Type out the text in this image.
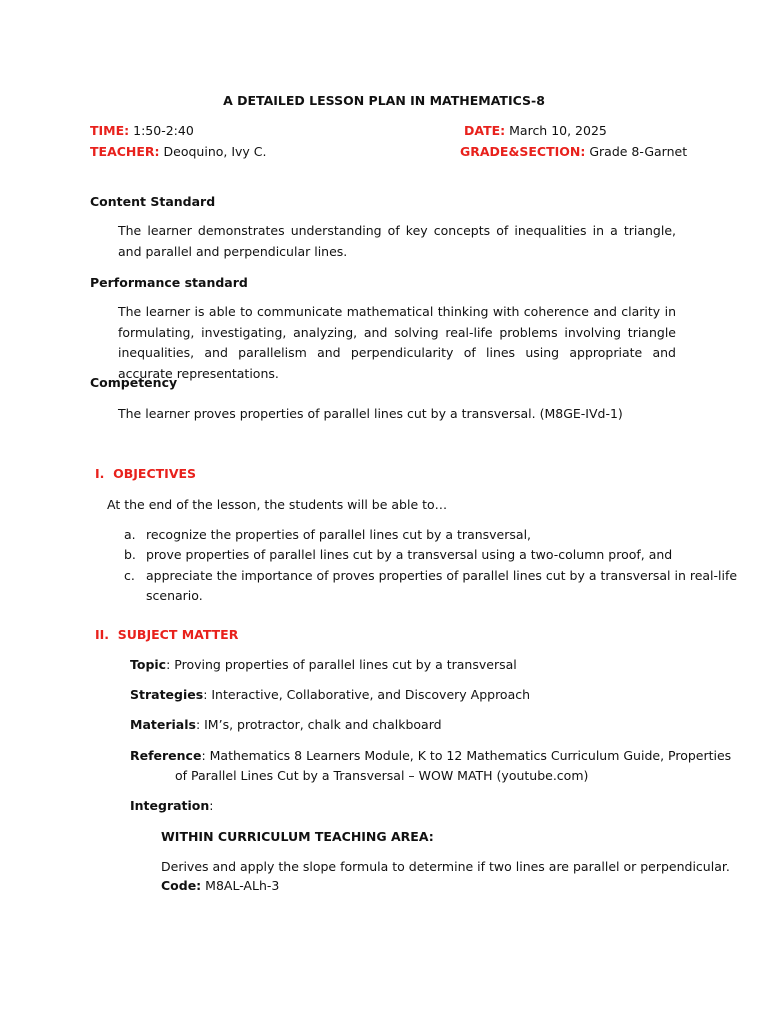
A DETAILED LESSON PLAN IN MATHEMATICS-8
TIME: 1:50-2:40	DATE: March 10, 2025
TEACHER: Deoquino, Ivy C.	GRADE&SECTION: Grade 8-Garnet
Content Standard
The learner demonstrates understanding of key concepts of inequalities in a triangle, and parallel and perpendicular lines.
Performance standard
The learner is able to communicate mathematical thinking with coherence and clarity in formulating, investigating, analyzing, and solving real-life problems involving triangle inequalities, and parallelism and perpendicularity of lines using appropriate and accurate representations.
Competency
The learner proves properties of parallel lines cut by a transversal. (M8GE-IVd-1)
I. OBJECTIVES
At the end of the lesson, the students will be able to…
a. recognize the properties of parallel lines cut by a transversal,
b. prove properties of parallel lines cut by a transversal using a two-column proof, and
c. appreciate the importance of proves properties of parallel lines cut by a transversal in real-life
scenario.
II. SUBJECT MATTER
Topic: Proving properties of parallel lines cut by a transversal
Strategies: Interactive, Collaborative, and Discovery Approach
Materials: IM’s, protractor, chalk and chalkboard
Reference: Mathematics 8 Learners Module, K to 12 Mathematics Curriculum Guide, Properties
of Parallel Lines Cut by a Transversal – WOW MATH (youtube.com)
Integration:
WITHIN CURRICULUM TEACHING AREA:
Derives and apply the slope formula to determine if two lines are parallel or perpendicular.
Code: M8AL-ALh-3
